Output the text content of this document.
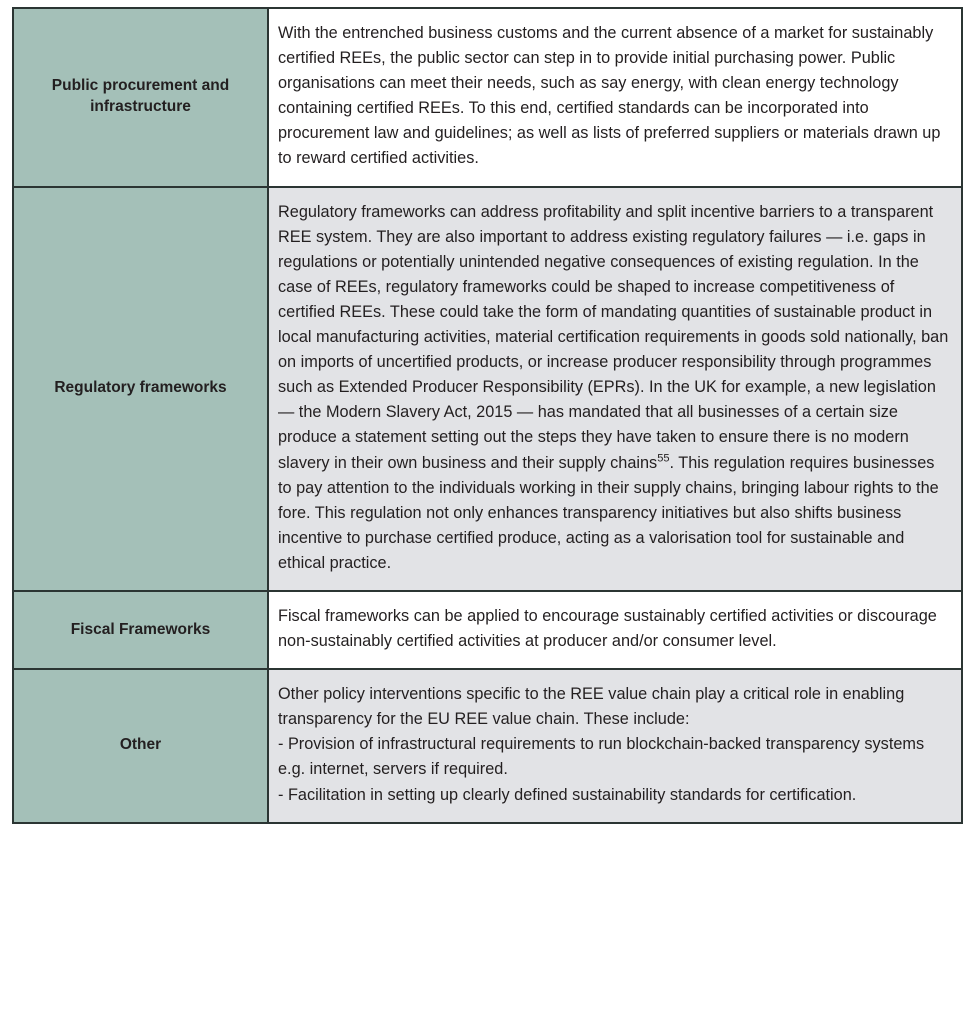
Public procurement and infrastructure	With the entrenched business customs and the current absence of a market for sustainably certified REEs, the public sector can step in to provide initial purchasing power. Public organisations can meet their needs, such as say energy, with clean energy technology containing certified REEs. To this end, certified standards can be incorporated into procurement law and guidelines; as well as lists of preferred suppliers or materials drawn up to reward certified activities.

Regulatory frameworks	Regulatory frameworks can address profitability and split incentive barriers to a transparent REE system. They are also important to address existing regulatory failures — i.e. gaps in regulations or potentially unintended negative consequences of existing regulation. In the case of REEs, regulatory frameworks could be shaped to increase competitiveness of certified REEs. These could take the form of mandating quantities of sustainable product in local manufacturing activities, material certification requirements in goods sold nationally, ban on imports of uncertified products, or increase producer responsibility through programmes such as Extended Producer Responsibility (EPRs). In the UK for example, a new legislation — the Modern Slavery Act, 2015 — has mandated that all businesses of a certain size produce a statement setting out the steps they have taken to ensure there is no modern slavery in their own business and their supply chains$^{55}$. This regulation requires businesses to pay attention to the individuals working in their supply chains, bringing labour rights to the fore. This regulation not only enhances transparency initiatives but also shifts business incentive to purchase certified produce, acting as a valorisation tool for sustainable and ethical practice.

Fiscal Frameworks	Fiscal frameworks can be applied to encourage sustainably certified activities or discourage non-sustainably certified activities at producer and/or consumer level.

Other	Other policy interventions specific to the REE value chain play a critical role in enabling transparency for the EU REE value chain. These include:

- Provision of infrastructural requirements to run blockchain-backed transparency systems e.g. internet, servers if required.

- Facilitation in setting up clearly defined sustainability standards for certification.
